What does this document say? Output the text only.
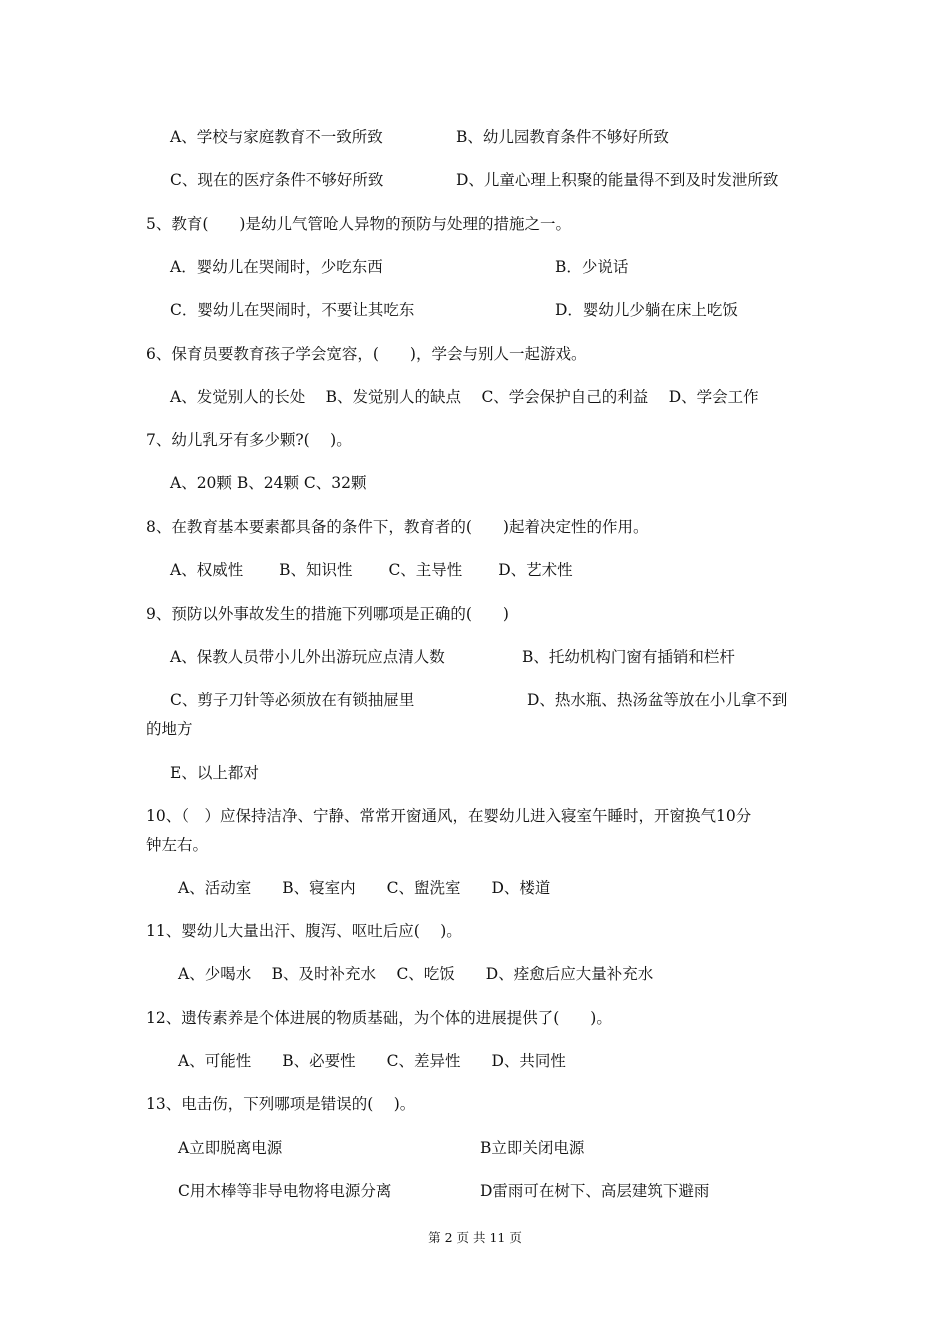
A、学校与家庭教育不一致所致	B、幼儿园教育条件不够好所致
C、现在的医疗条件不够好所致	D、儿童心理上积聚的能量得不到及时发泄所致
5、教育(　　)是幼儿气管呛人异物的预防与处理的措施之一。
A．婴幼儿在哭闹时，少吃东西	B．少说话
C．婴幼儿在哭闹时，不要让其吃东	D．婴幼儿少躺在床上吃饭
6、保育员要教育孩子学会宽容，(　　)，学会与别人一起游戏。
A、发觉别人的长处　 B、发觉别人的缺点　 C、学会保护自己的利益　 D、学会工作
7、幼儿乳牙有多少颗?(　 )。
A、20颗 B、24颗 C、32颗
8、在教育基本要素都具备的条件下，教育者的(　　)起着决定性的作用。
A、权威性　　 B、知识性　　 C、主导性　　 D、艺术性
9、预防以外事故发生的措施下列哪项是正确的(　　)
A、保教人员带小儿外出游玩应点清人数	B、托幼机构门窗有插销和栏杆
C、剪子刀针等必须放在有锁抽屉里	D、热水瓶、热汤盆等放在小儿拿不到
的地方
E、以上都对
10、（　）应保持洁净、宁静、常常开窗通风，在婴幼儿进入寝室午睡时，开窗换气10分
钟左右。
A、活动室　　B、寝室内　　C、盥洗室　　D、楼道
11、婴幼儿大量出汗、腹泻、呕吐后应(　 )。
A、少喝水　 B、及时补充水　 C、吃饭　　D、痊愈后应大量补充水
12、遗传素养是个体进展的物质基础，为个体的进展提供了(　　)。
A、可能性　　B、必要性　　C、差异性　　D、共同性
13、电击伤，下列哪项是错误的(　 )。
A立即脱离电源	B立即关闭电源
C用木棒等非导电物将电源分离	D雷雨可在树下、高层建筑下避雨
第 2 页 共 11 页
